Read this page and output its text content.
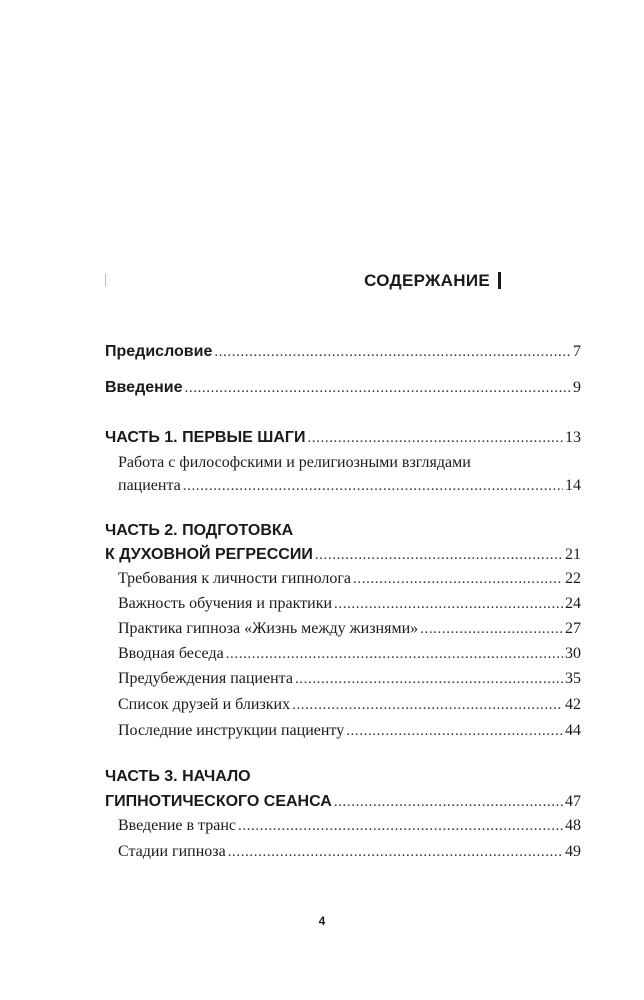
СОДЕРЖАНИЕ
Предисловие .....	7
Введение .....	9
ЧАСТЬ 1. ПЕРВЫЕ ШАГИ .....	13
Работа с философскими и религиозными взглядами
пациента .....	14
ЧАСТЬ 2. ПОДГОТОВКА
К ДУХОВНОЙ РЕГРЕССИИ .....	21
Требования к личности гипнолога .....	22
Важность обучения и практики .....	24
Практика гипноза «Жизнь между жизнями» .....	27
Вводная беседа .....	30
Предубеждения пациента .....	35
Список друзей и близких .....	42
Последние инструкции пациенту .....	44
ЧАСТЬ 3. НАЧАЛО
ГИПНОТИЧЕСКОГО СЕАНСА .....	47
Введение в транс .....	48
Стадии гипноза .....	49
4
